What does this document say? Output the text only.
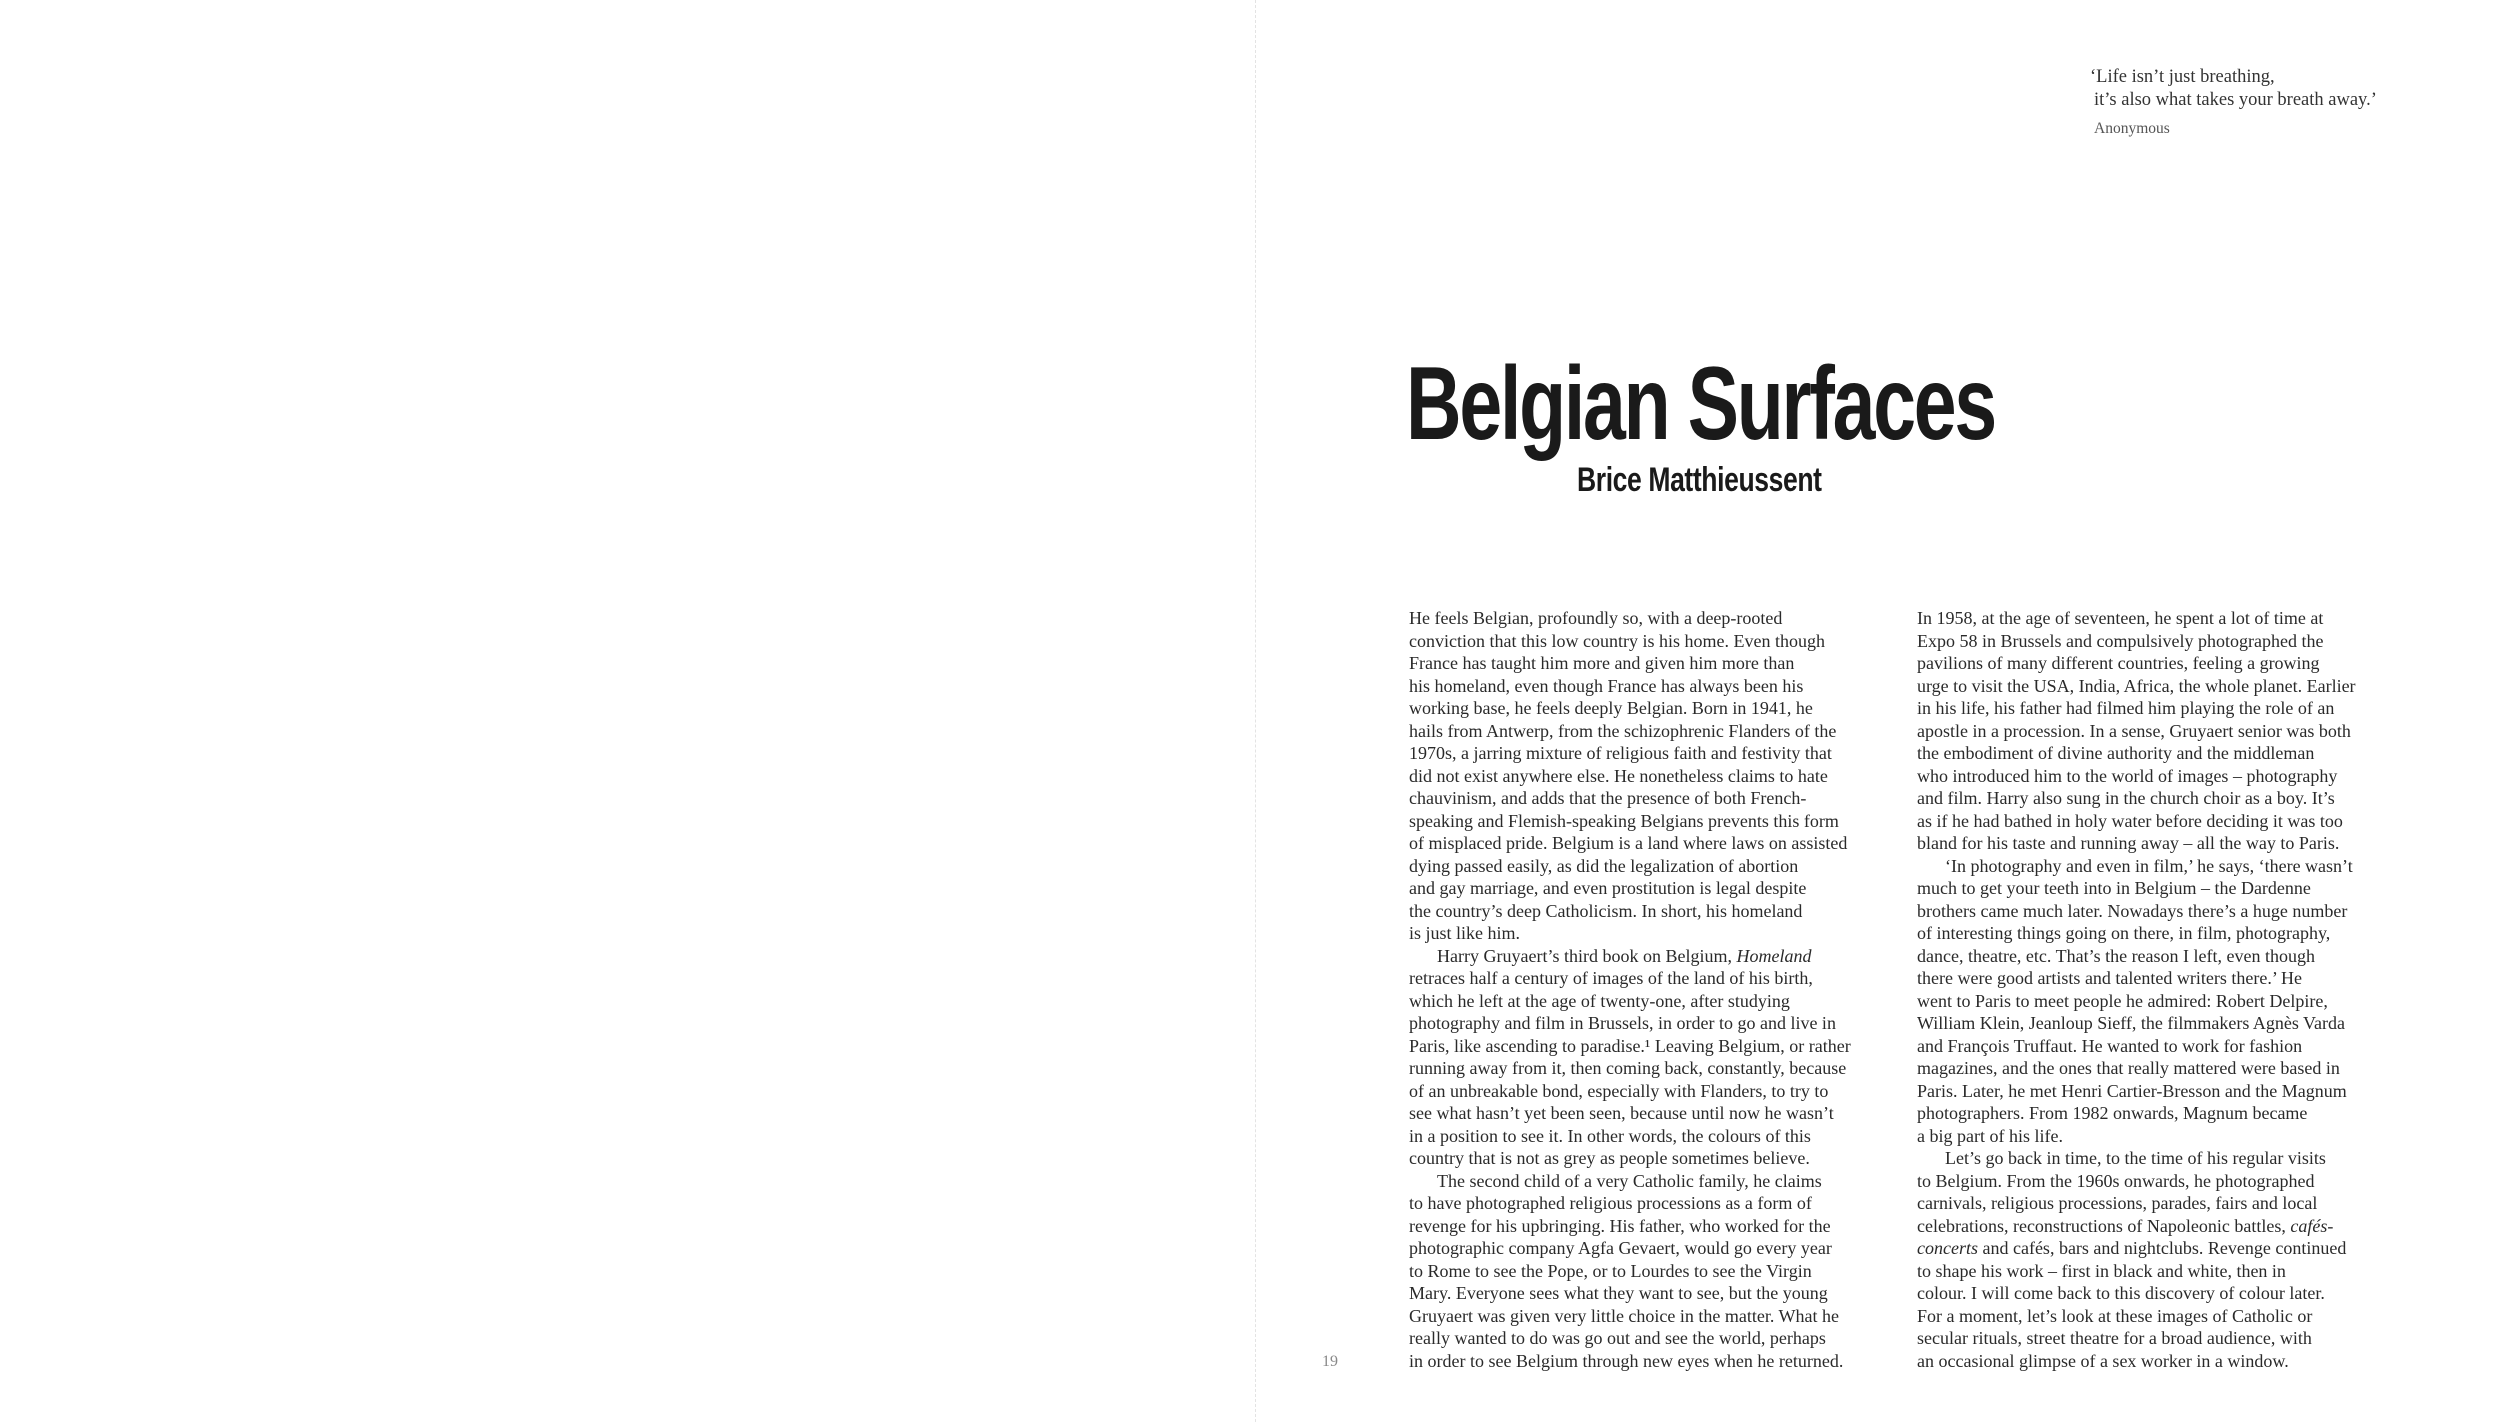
‘Life isn’t just breathing,
it’s also what takes your breath away.’
Anonymous
Belgian Surfaces
Brice Matthieussent
He feels Belgian, profoundly so, with a deep-rooted
conviction that this low country is his home. Even though
France has taught him more and given him more than
his homeland, even though France has always been his
working base, he feels deeply Belgian. Born in 1941, he
hails from Antwerp, from the schizophrenic Flanders of the
1970s, a jarring mixture of religious faith and festivity that
did not exist anywhere else. He nonetheless claims to hate
chauvinism, and adds that the presence of both French-
speaking and Flemish-speaking Belgians prevents this form
of misplaced pride. Belgium is a land where laws on assisted
dying passed easily, as did the legalization of abortion
and gay marriage, and even prostitution is legal despite
the country’s deep Catholicism. In short, his homeland
is just like him.
Harry Gruyaert’s third book on Belgium, Homeland
retraces half a century of images of the land of his birth,
which he left at the age of twenty-one, after studying
photography and film in Brussels, in order to go and live in
Paris, like ascending to paradise.¹ Leaving Belgium, or rather
running away from it, then coming back, constantly, because
of an unbreakable bond, especially with Flanders, to try to
see what hasn’t yet been seen, because until now he wasn’t
in a position to see it. In other words, the colours of this
country that is not as grey as people sometimes believe.
The second child of a very Catholic family, he claims
to have photographed religious processions as a form of
revenge for his upbringing. His father, who worked for the
photographic company Agfa Gevaert, would go every year
to Rome to see the Pope, or to Lourdes to see the Virgin
Mary. Everyone sees what they want to see, but the young
Gruyaert was given very little choice in the matter. What he
really wanted to do was go out and see the world, perhaps
in order to see Belgium through new eyes when he returned.
In 1958, at the age of seventeen, he spent a lot of time at
Expo 58 in Brussels and compulsively photographed the
pavilions of many different countries, feeling a growing
urge to visit the USA, India, Africa, the whole planet. Earlier
in his life, his father had filmed him playing the role of an
apostle in a procession. In a sense, Gruyaert senior was both
the embodiment of divine authority and the middleman
who introduced him to the world of images – photography
and film. Harry also sung in the church choir as a boy. It’s
as if he had bathed in holy water before deciding it was too
bland for his taste and running away – all the way to Paris.
‘In photography and even in film,’ he says, ‘there wasn’t
much to get your teeth into in Belgium – the Dardenne
brothers came much later. Nowadays there’s a huge number
of interesting things going on there, in film, photography,
dance, theatre, etc. That’s the reason I left, even though
there were good artists and talented writers there.’ He
went to Paris to meet people he admired: Robert Delpire,
William Klein, Jeanloup Sieff, the filmmakers Agnès Varda
and François Truffaut. He wanted to work for fashion
magazines, and the ones that really mattered were based in
Paris. Later, he met Henri Cartier-Bresson and the Magnum
photographers. From 1982 onwards, Magnum became
a big part of his life.
Let’s go back in time, to the time of his regular visits
to Belgium. From the 1960s onwards, he photographed
carnivals, religious processions, parades, fairs and local
celebrations, reconstructions of Napoleonic battles, cafés-
concerts and cafés, bars and nightclubs. Revenge continued
to shape his work – first in black and white, then in
colour. I will come back to this discovery of colour later.
For a moment, let’s look at these images of Catholic or
secular rituals, street theatre for a broad audience, with
an occasional glimpse of a sex worker in a window.
19
